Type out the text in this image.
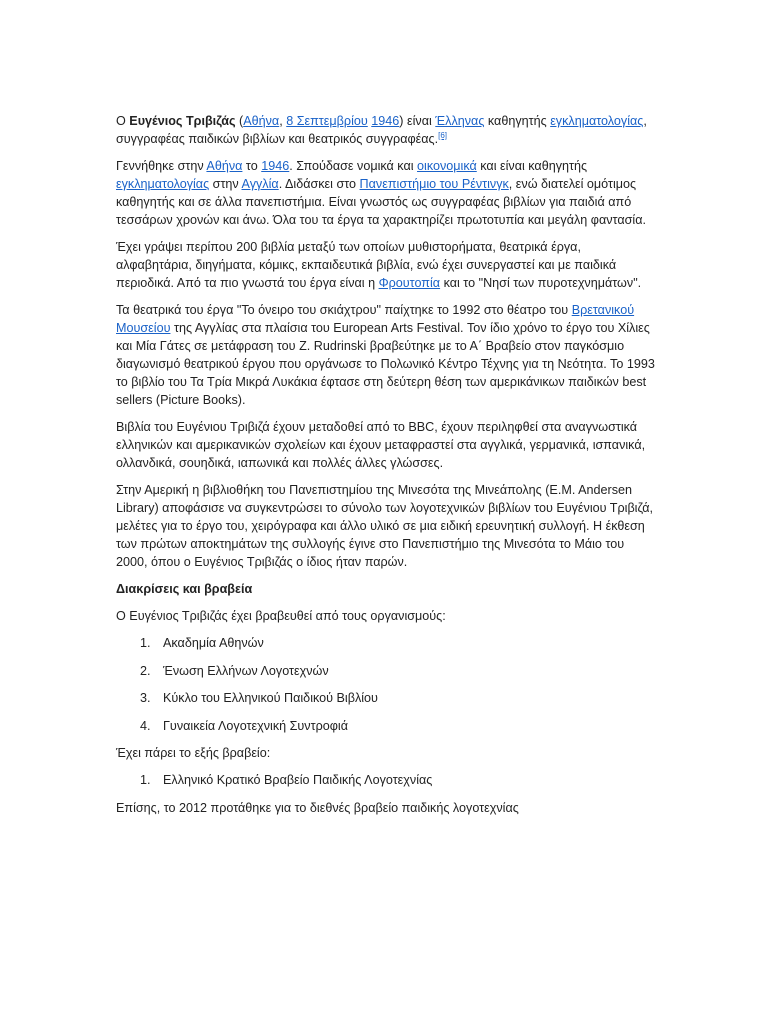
Ο Ευγένιος Τριβιζάς (Αθήνα, 8 Σεπτεμβρίου 1946) είναι Έλληνας καθηγητής εγκληματολογίας, συγγραφέας παιδικών βιβλίων και θεατρικός συγγραφέας.[6]

Γεννήθηκε στην Αθήνα το 1946. Σπούδασε νομικά και οικονομικά και είναι καθηγητής εγκληματολογίας στην Αγγλία. Διδάσκει στο Πανεπιστήμιο του Ρέντινγκ, ενώ διατελεί ομότιμος καθηγητής και σε άλλα πανεπιστήμια. Είναι γνωστός ως συγγραφέας βιβλίων για παιδιά από τεσσάρων χρονών και άνω. Όλα του τα έργα τα χαρακτηρίζει πρωτοτυπία και μεγάλη φαντασία.

Έχει γράψει περίπου 200 βιβλία μεταξύ των οποίων μυθιστορήματα, θεατρικά έργα, αλφαβητάρια, διηγήματα, κόμικς, εκπαιδευτικά βιβλία, ενώ έχει συνεργαστεί και με παιδικά περιοδικά. Από τα πιο γνωστά του έργα είναι η Φρουτοπία και το "Νησί των πυροτεχνημάτων".

Τα θεατρικά του έργα "Το όνειρο του σκιάχτρου" παίχτηκε το 1992 στο θέατρο του Βρετανικού Μουσείου της Αγγλίας στα πλαίσια του European Arts Festival. Τον ίδιο χρόνο το έργο του Χίλιες και Μία Γάτες σε μετάφραση του Ζ. Rudrinski βραβεύτηκε με το Α΄ Βραβείο στον παγκόσμιο διαγωνισμό θεατρικού έργου που οργάνωσε το Πολωνικό Κέντρο Τέχνης για τη Νεότητα. Το 1993 το βιβλίο του Τα Τρία Μικρά Λυκάκια έφτασε στη δεύτερη θέση των αμερικάνικων παιδικών best sellers (Picture Books).

Βιβλία του Ευγένιου Τριβιζά έχουν μεταδοθεί από το BBC, έχουν περιληφθεί στα αναγνωστικά ελληνικών και αμερικανικών σχολείων και έχουν μεταφραστεί στα αγγλικά, γερμανικά, ισπανικά, ολλανδικά, σουηδικά, ιαπωνικά και πολλές άλλες γλώσσες.

Στην Αμερική η βιβλιοθήκη του Πανεπιστημίου της Μινεσότα της Μινεάπολης (E.M. Andersen Library) αποφάσισε να συγκεντρώσει το σύνολο των λογοτεχνικών βιβλίων του Ευγένιου Τριβιζά, μελέτες για το έργο του, χειρόγραφα και άλλο υλικό σε μια ειδική ερευνητική συλλογή. Η έκθεση των πρώτων αποκτημάτων της συλλογής έγινε στο Πανεπιστήμιο της Μινεσότα το Μάιο του 2000, όπου ο Ευγένιος Τριβιζάς ο ίδιος ήταν παρών.

Διακρίσεις και βραβεία

Ο Ευγένιος Τριβιζάς έχει βραβευθεί από τους οργανισμούς:

1. Ακαδημία Αθηνών
2. Ένωση Ελλήνων Λογοτεχνών
3. Κύκλο του Ελληνικού Παιδικού Βιβλίου
4. Γυναικεία Λογοτεχνική Συντροφιά

Έχει πάρει το εξής βραβείο:

1. Ελληνικό Κρατικό Βραβείο Παιδικής Λογοτεχνίας

Επίσης, το 2012 προτάθηκε για το διεθνές βραβείο παιδικής λογοτεχνίας
